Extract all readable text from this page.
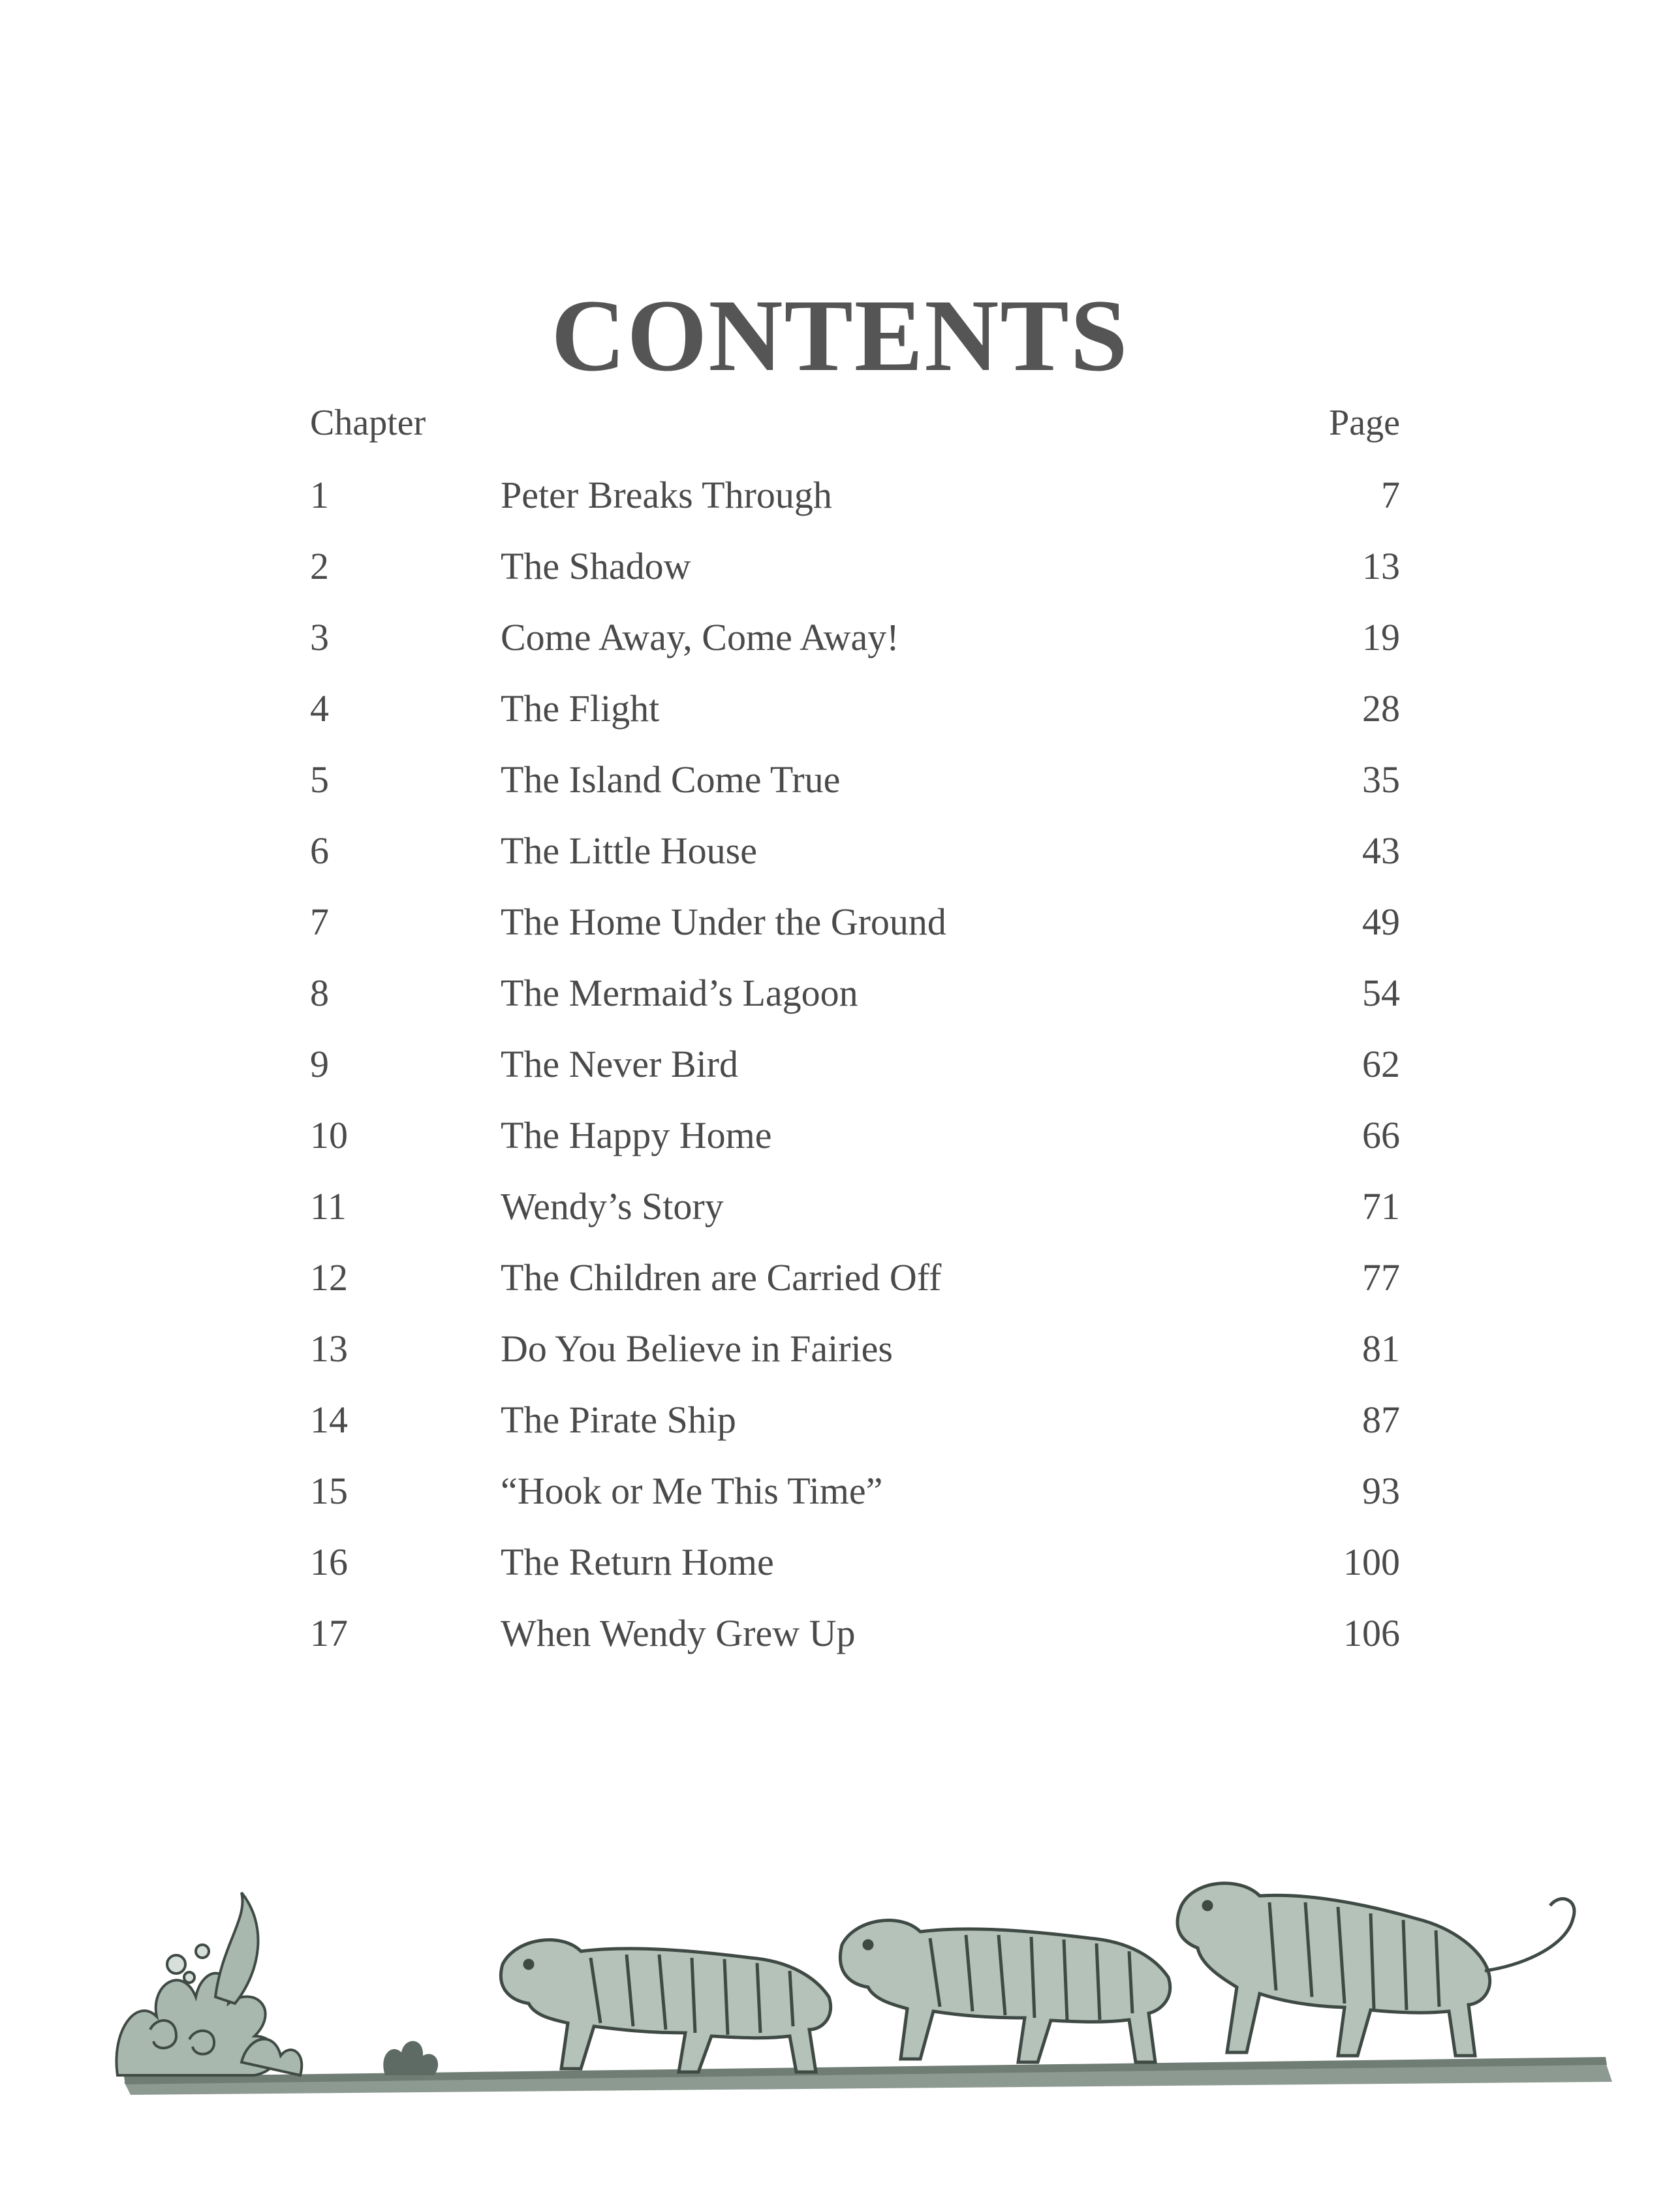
CONTENTS
Chapter	Page
1	Peter Breaks Through	7
2	The Shadow	13
3	Come Away, Come Away!	19
4	The Flight	28
5	The Island Come True	35
6	The Little House	43
7	The Home Under the Ground	49
8	The Mermaid’s Lagoon	54
9	The Never Bird	62
10	The Happy Home	66
11	Wendy’s Story	71
12	The Children are Carried Off	77
13	Do You Believe in Fairies	81
14	The Pirate Ship	87
15	“Hook or Me This Time”	93
16	The Return Home	100
17	When Wendy Grew Up	106
